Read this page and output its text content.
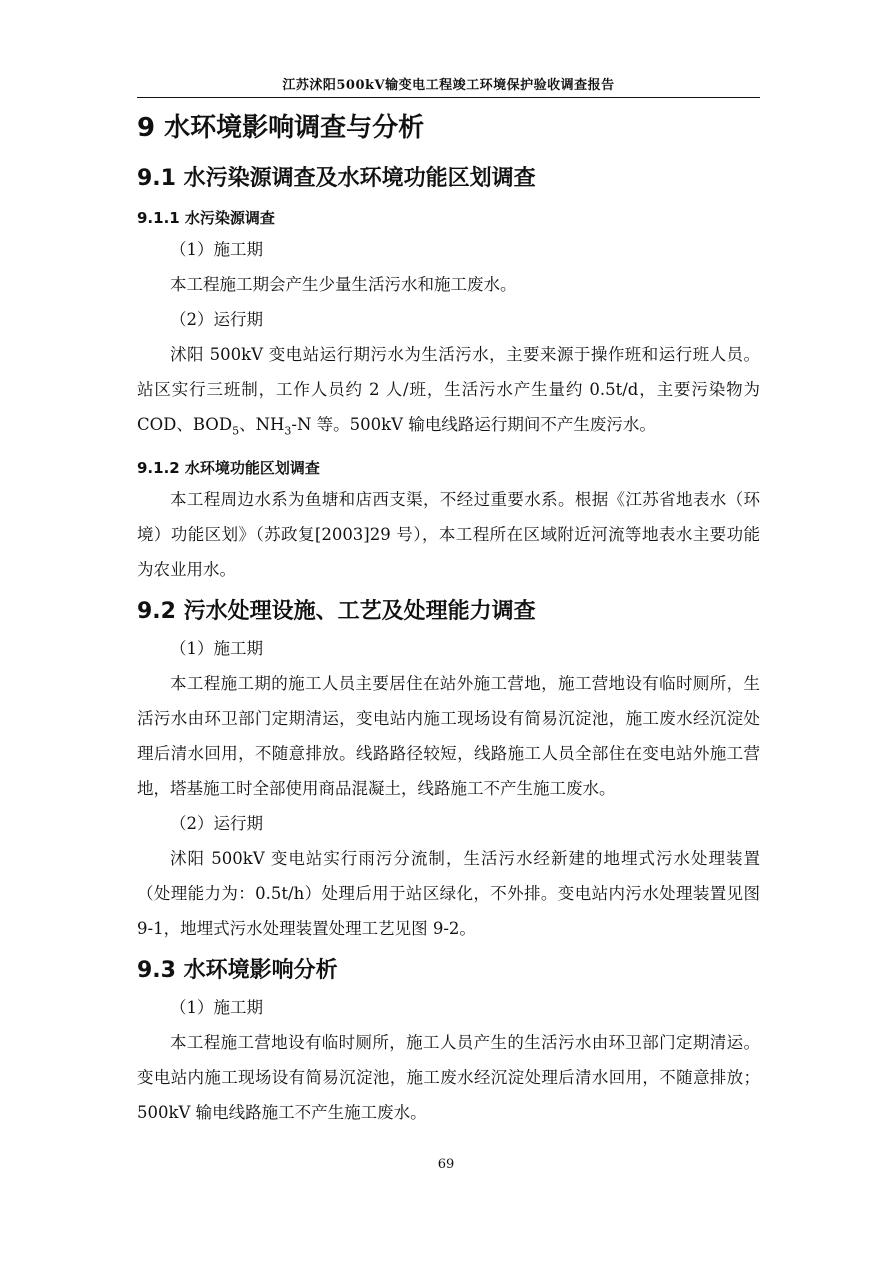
江苏沭阳500kV输变电工程竣工环境保护验收调查报告
9 水环境影响调查与分析
9.1 水污染源调查及水环境功能区划调查
9.1.1 水污染源调查

（1）施工期

本工程施工期会产生少量生活污水和施工废水。

（2）运行期

沭阳 500kV 变电站运行期污水为生活污水，主要来源于操作班和运行班人员。站区实行三班制，工作人员约 2 人/班，生活污水产生量约 0.5t/d，主要污染物为 COD、$BOD_5$、$NH_3-N$ 等。500kV 输电线路运行期间不产生废污水。

9.1.2 水环境功能区划调查

本工程周边水系为鱼塘和店西支渠，不经过重要水系。根据《江苏省地表水（环境）功能区划》（苏政复[2003]29 号），本工程所在区域附近河流等地表水主要功能为农业用水。

9.2 污水处理设施、工艺及处理能力调查

（1）施工期

本工程施工期的施工人员主要居住在站外施工营地，施工营地设有临时厕所，生活污水由环卫部门定期清运，变电站内施工现场设有简易沉淀池，施工废水经沉淀处理后清水回用，不随意排放。线路路径较短，线路施工人员全部住在变电站外施工营地，塔基施工时全部使用商品混凝土，线路施工不产生施工废水。

（2）运行期

沭阳 500kV 变电站实行雨污分流制，生活污水经新建的地埋式污水处理装置（处理能力为：0.5t/h）处理后用于站区绿化，不外排。变电站内污水处理装置见图 9-1，地埋式污水处理装置处理工艺见图 9-2。

9.3 水环境影响分析

（1）施工期

本工程施工营地设有临时厕所，施工人员产生的生活污水由环卫部门定期清运。变电站内施工现场设有简易沉淀池，施工废水经沉淀处理后清水回用，不随意排放；500kV 输电线路施工不产生施工废水。

69
